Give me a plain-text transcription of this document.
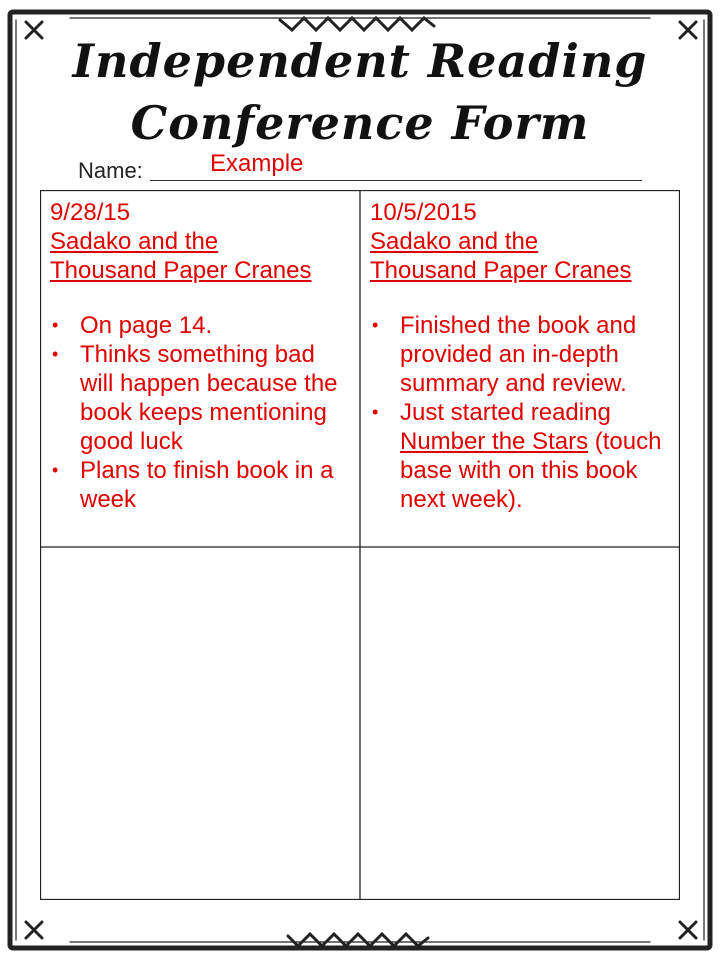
Independent Reading
Conference Form
Name:	Example
9/28/15
Sadako and the
Thousand Paper Cranes
• On page 14.
• Thinks something bad will happen because the book keeps mentioning good luck
• Plans to finish book in a week
10/5/2015
Sadako and the
Thousand Paper Cranes
• Finished the book and provided an in-depth summary and review.
• Just started reading Number the Stars (touch base with on this book next week).
